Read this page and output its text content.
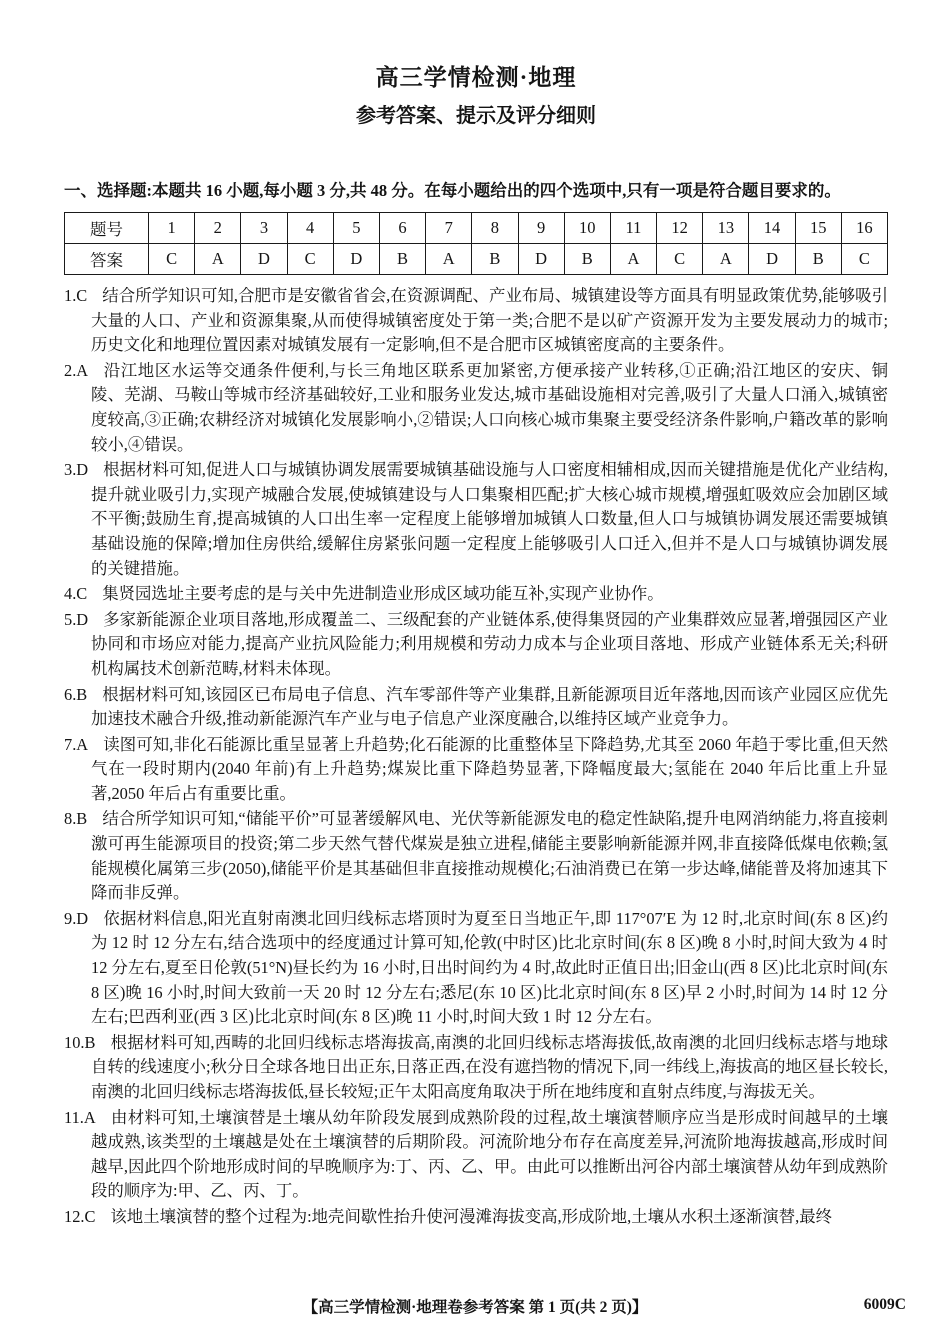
高三学情检测·地理
参考答案、提示及评分细则
一、选择题:本题共 16 小题,每小题 3 分,共 48 分。在每小题给出的四个选项中,只有一项是符合题目要求的。
题号	1	2	3	4	5	6	7	8	9	10	11	12	13	14	15	16
答案	C	A	D	C	D	B	A	B	D	B	A	C	A	D	B	C

1.C 结合所学知识可知,合肥市是安徽省省会,在资源调配、产业布局、城镇建设等方面具有明显政策优势,能够吸引大量的人口、产业和资源集聚,从而使得城镇密度处于第一类;合肥不是以矿产资源开发为主要发展动力的城市;历史文化和地理位置因素对城镇发展有一定影响,但不是合肥市区城镇密度高的主要条件。

2.A 沿江地区水运等交通条件便利,与长三角地区联系更加紧密,方便承接产业转移,①正确;沿江地区的安庆、铜陵、芜湖、马鞍山等城市经济基础较好,工业和服务业发达,城市基础设施相对完善,吸引了大量人口涌入,城镇密度较高,③正确;农耕经济对城镇化发展影响小,②错误;人口向核心城市集聚主要受经济条件影响,户籍改革的影响较小,④错误。

3.D 根据材料可知,促进人口与城镇协调发展需要城镇基础设施与人口密度相辅相成,因而关键措施是优化产业结构,提升就业吸引力,实现产城融合发展,使城镇建设与人口集聚相匹配;扩大核心城市规模,增强虹吸效应会加剧区域不平衡;鼓励生育,提高城镇的人口出生率一定程度上能够增加城镇人口数量,但人口与城镇协调发展还需要城镇基础设施的保障;增加住房供给,缓解住房紧张问题一定程度上能够吸引人口迁入,但并不是人口与城镇协调发展的关键措施。

4.C 集贤园选址主要考虑的是与关中先进制造业形成区域功能互补,实现产业协作。

5.D 多家新能源企业项目落地,形成覆盖二、三级配套的产业链体系,使得集贤园的产业集群效应显著,增强园区产业协同和市场应对能力,提高产业抗风险能力;利用规模和劳动力成本与企业项目落地、形成产业链体系无关;科研机构属技术创新范畴,材料未体现。

6.B 根据材料可知,该园区已布局电子信息、汽车零部件等产业集群,且新能源项目近年落地,因而该产业园区应优先加速技术融合升级,推动新能源汽车产业与电子信息产业深度融合,以维持区域产业竞争力。

7.A 读图可知,非化石能源比重呈显著上升趋势;化石能源的比重整体呈下降趋势,尤其至 2060 年趋于零比重,但天然气在一段时期内(2040 年前)有上升趋势;煤炭比重下降趋势显著,下降幅度最大;氢能在 2040 年后比重上升显著,2050 年后占有重要比重。

8.B 结合所学知识可知,“储能平价”可显著缓解风电、光伏等新能源发电的稳定性缺陷,提升电网消纳能力,将直接刺激可再生能源项目的投资;第二步天然气替代煤炭是独立进程,储能主要影响新能源并网,非直接降低煤电依赖;氢能规模化属第三步(2050),储能平价是其基础但非直接推动规模化;石油消费已在第一步达峰,储能普及将加速其下降而非反弹。

9.D 依据材料信息,阳光直射南澳北回归线标志塔顶时为夏至日当地正午,即 117°07′E 为 12 时,北京时间(东 8 区)约为 12 时 12 分左右,结合选项中的经度通过计算可知,伦敦(中时区)比北京时间(东 8 区)晚 8 小时,时间大致为 4 时 12 分左右,夏至日伦敦(51°N)昼长约为 16 小时,日出时间约为 4 时,故此时正值日出;旧金山(西 8 区)比北京时间(东 8 区)晚 16 小时,时间大致前一天 20 时 12 分左右;悉尼(东 10 区)比北京时间(东 8 区)早 2 小时,时间为 14 时 12 分左右;巴西利亚(西 3 区)比北京时间(东 8 区)晚 11 小时,时间大致 1 时 12 分左右。

10.B 根据材料可知,西畴的北回归线标志塔海拔高,南澳的北回归线标志塔海拔低,故南澳的北回归线标志塔与地球自转的线速度小;秋分日全球各地日出正东,日落正西,在没有遮挡物的情况下,同一纬线上,海拔高的地区昼长较长,南澳的北回归线标志塔海拔低,昼长较短;正午太阳高度角取决于所在地纬度和直射点纬度,与海拔无关。

11.A 由材料可知,土壤演替是土壤从幼年阶段发展到成熟阶段的过程,故土壤演替顺序应当是形成时间越早的土壤越成熟,该类型的土壤越是处在土壤演替的后期阶段。河流阶地分布存在高度差异,河流阶地海拔越高,形成时间越早,因此四个阶地形成时间的早晚顺序为:丁、丙、乙、甲。由此可以推断出河谷内部土壤演替从幼年到成熟阶段的顺序为:甲、乙、丙、丁。

12.C 该地土壤演替的整个过程为:地壳间歇性抬升使河漫滩海拔变高,形成阶地,土壤从水积土逐渐演替,最终

【高三学情检测·地理卷参考答案 第 1 页(共 2 页)】	6009C
